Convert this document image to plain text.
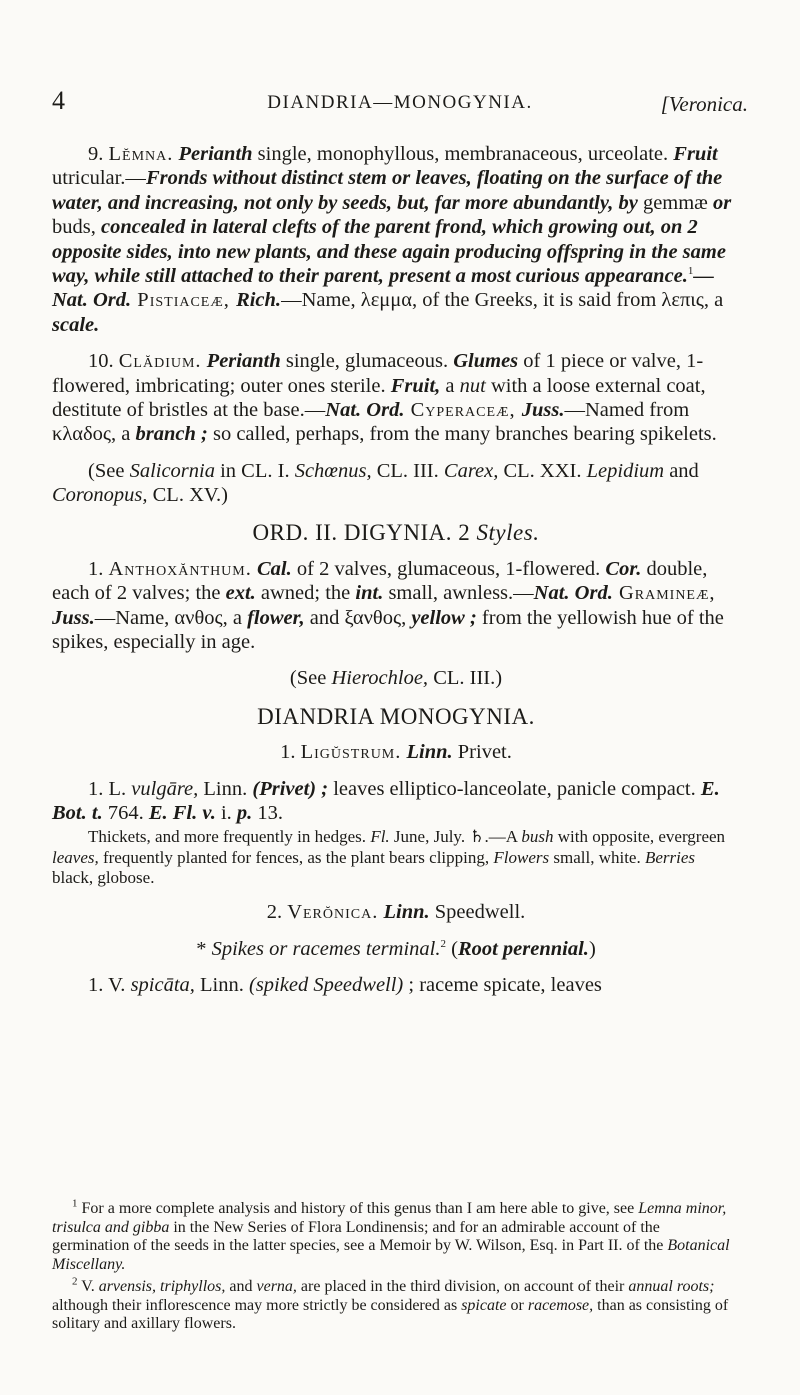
4	DIANDRIA—MONOGYNIA.	[Veronica.

9. Lĕmna. Perianth single, monophyllous, membranaceous, urceolate. Fruit utricular.—Fronds without distinct stem or leaves, floating on the surface of the water, and increasing, not only by seeds, but, far more abundantly, by gemmæ or buds, concealed in lateral clefts of the parent frond, which growing out, on 2 opposite sides, into new plants, and these again producing offspring in the same way, while still attached to their parent, present a most curious appearance.$^1$—Nat. Ord. Pistiaceæ, Rich.—Name, λεμμα, of the Greeks, it is said from λεπις, a scale.

10. Clădium. Perianth single, glumaceous. Glumes of 1 piece or valve, 1-flowered, imbricating; outer ones sterile. Fruit, a nut with a loose external coat, destitute of bristles at the base.—Nat. Ord. Cyperaceæ, Juss.—Named from κλαδος, a branch ; so called, perhaps, from the many branches bearing spikelets.

(See Salicornia in CL. I. Schœnus, CL. III. Carex, CL. XXI. Lepidium and Coronopus, CL. XV.)

ORD. II. DIGYNIA. 2 Styles.

1. Anthoxănthum. Cal. of 2 valves, glumaceous, 1-flowered. Cor. double, each of 2 valves; the ext. awned; the int. small, awnless.—Nat. Ord. Gramineæ, Juss.—Name, ανθος, a flower, and ξανθος, yellow ; from the yellowish hue of the spikes, especially in age.

(See Hierochloe, CL. III.)

DIANDRIA MONOGYNIA.

1. Ligŭstrum. Linn. Privet.

1. L. vulgāre, Linn. (Privet) ; leaves elliptico-lanceolate, panicle compact. E. Bot. t. 764. E. Fl. v. i. p. 13.

Thickets, and more frequently in hedges. Fl. June, July. ♄.—A bush with opposite, evergreen leaves, frequently planted for fences, as the plant bears clipping, Flowers small, white. Berries black, globose.

2. Verŏnica. Linn. Speedwell.

* Spikes or racemes terminal.$^2$ (Root perennial.)

1. V. spicāta, Linn. (spiked Speedwell) ; raceme spicate, leaves

$^1$ For a more complete analysis and history of this genus than I am here able to give, see Lemna minor, trisulca and gibba in the New Series of Flora Londinensis; and for an admirable account of the germination of the seeds in the latter species, see a Memoir by W. Wilson, Esq. in Part II. of the Botanical Miscellany.

$^2$ V. arvensis, triphyllos, and verna, are placed in the third division, on account of their annual roots; although their inflorescence may more strictly be considered as spicate or racemose, than as consisting of solitary and axillary flowers.
